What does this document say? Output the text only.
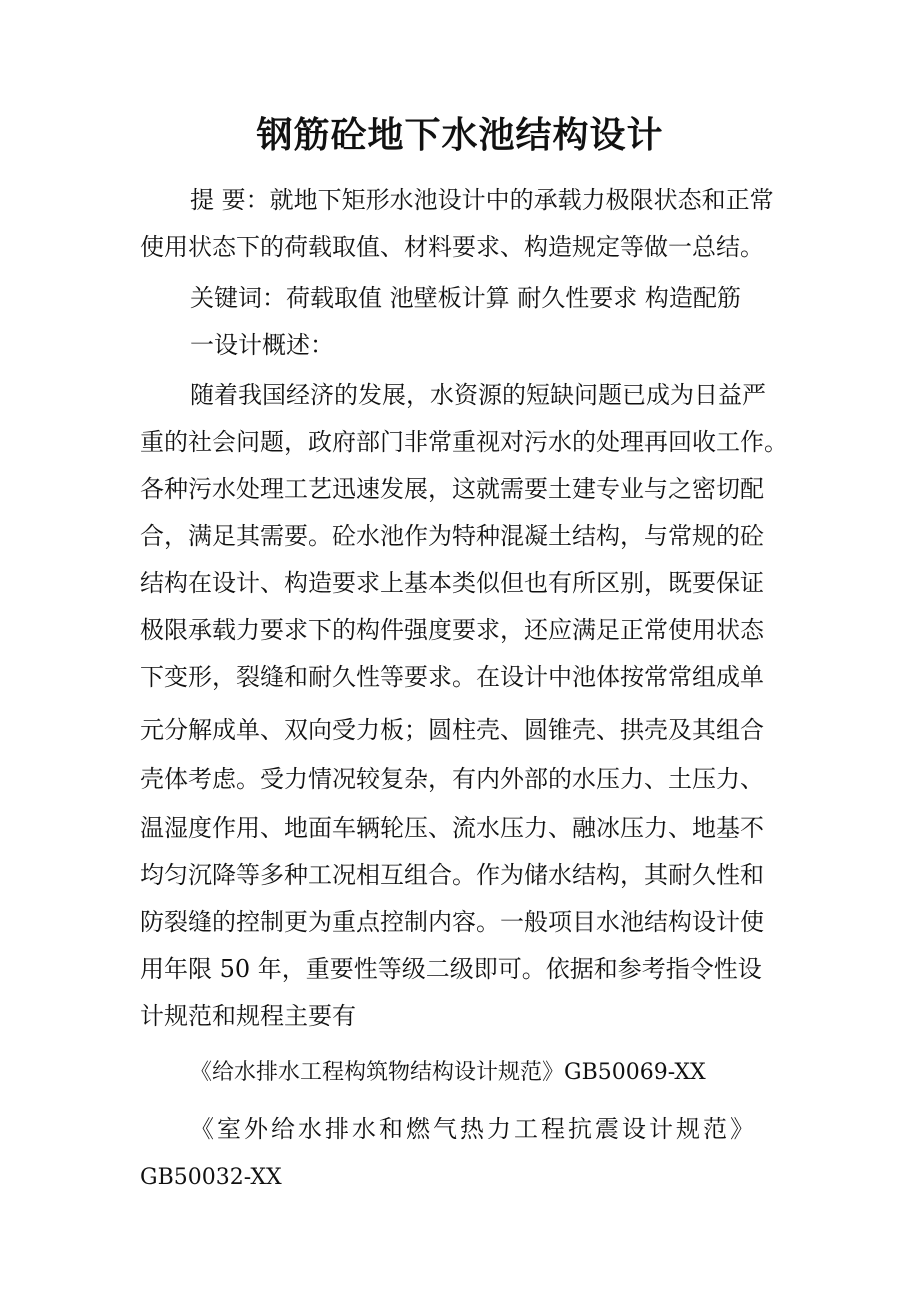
钢筋砼地下水池结构设计
提 要：就地下矩形水池设计中的承载力极限状态和正常
使用状态下的荷载取值、材料要求、构造规定等做一总结。
关键词：荷载取值 池壁板计算 耐久性要求 构造配筋
一设计概述：
随着我国经济的发展，水资源的短缺问题已成为日益严
重的社会问题，政府部门非常重视对污水的处理再回收工作。
各种污水处理工艺迅速发展，这就需要土建专业与之密切配
合，满足其需要。砼水池作为特种混凝土结构，与常规的砼
结构在设计、构造要求上基本类似但也有所区别，既要保证
极限承载力要求下的构件强度要求，还应满足正常使用状态
下变形，裂缝和耐久性等要求。在设计中池体按常常组成单
元分解成单、双向受力板；圆柱壳、圆锥壳、拱壳及其组合
壳体考虑。受力情况较复杂，有内外部的水压力、土压力、
温湿度作用、地面车辆轮压、流水压力、融冰压力、地基不
均匀沉降等多种工况相互组合。作为储水结构，其耐久性和
防裂缝的控制更为重点控制内容。一般项目水池结构设计使
用年限 50 年，重要性等级二级即可。依据和参考指令性设
计规范和规程主要有
《给水排水工程构筑物结构设计规范》GB50069-XX
《室外给水排水和燃气热力工程抗震设计规范》
GB50032-XX
